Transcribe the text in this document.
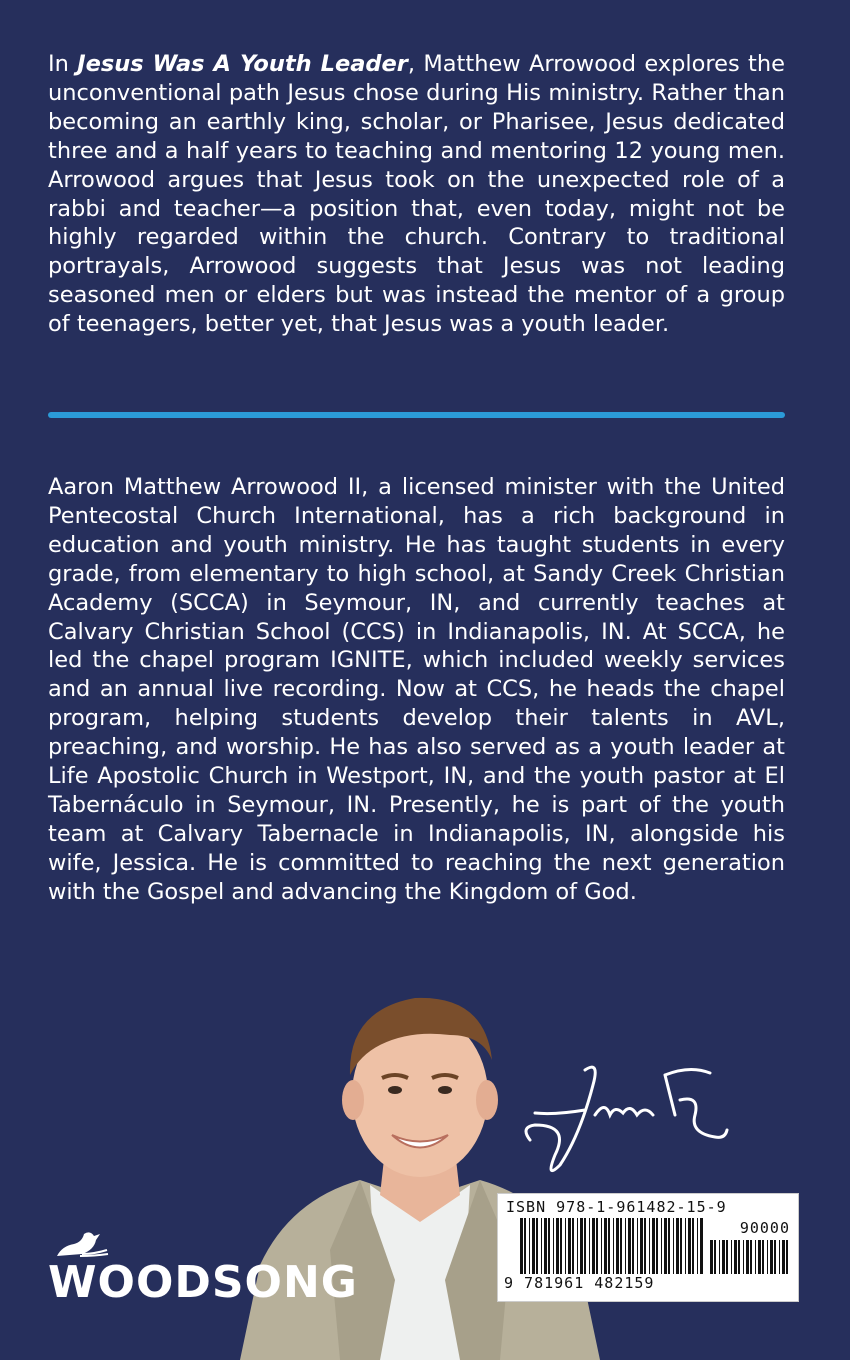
In Jesus Was A Youth Leader, Matthew Arrowood explores the unconventional path Jesus chose during His ministry. Rather than becoming an earthly king, scholar, or Pharisee, Jesus dedicated three and a half years to teaching and mentoring 12 young men. Arrowood argues that Jesus took on the unexpected role of a rabbi and teacher—a position that, even today, might not be highly regarded within the church. Contrary to traditional portrayals, Arrowood suggests that Jesus was not leading seasoned men or elders but was instead the mentor of a group of teenagers, better yet, that Jesus was a youth leader.

Aaron Matthew Arrowood II, a licensed minister with the United Pentecostal Church International, has a rich background in education and youth ministry. He has taught students in every grade, from elementary to high school, at Sandy Creek Christian Academy (SCCA) in Seymour, IN, and currently teaches at Calvary Christian School (CCS) in Indianapolis, IN. At SCCA, he led the chapel program IGNITE, which included weekly services and an annual live recording. Now at CCS, he heads the chapel program, helping students develop their talents in AVL, preaching, and worship. He has also served as a youth leader at Life Apostolic Church in Westport, IN, and the youth pastor at El Tabernáculo in Seymour, IN. Presently, he is part of the youth team at Calvary Tabernacle in Indianapolis, IN, alongside his wife, Jessica. He is committed to reaching the next generation with the Gospel and advancing the Kingdom of God.

WOODSONG
ISBN 978-1-961482-15-9
90000
9 781961 482159
